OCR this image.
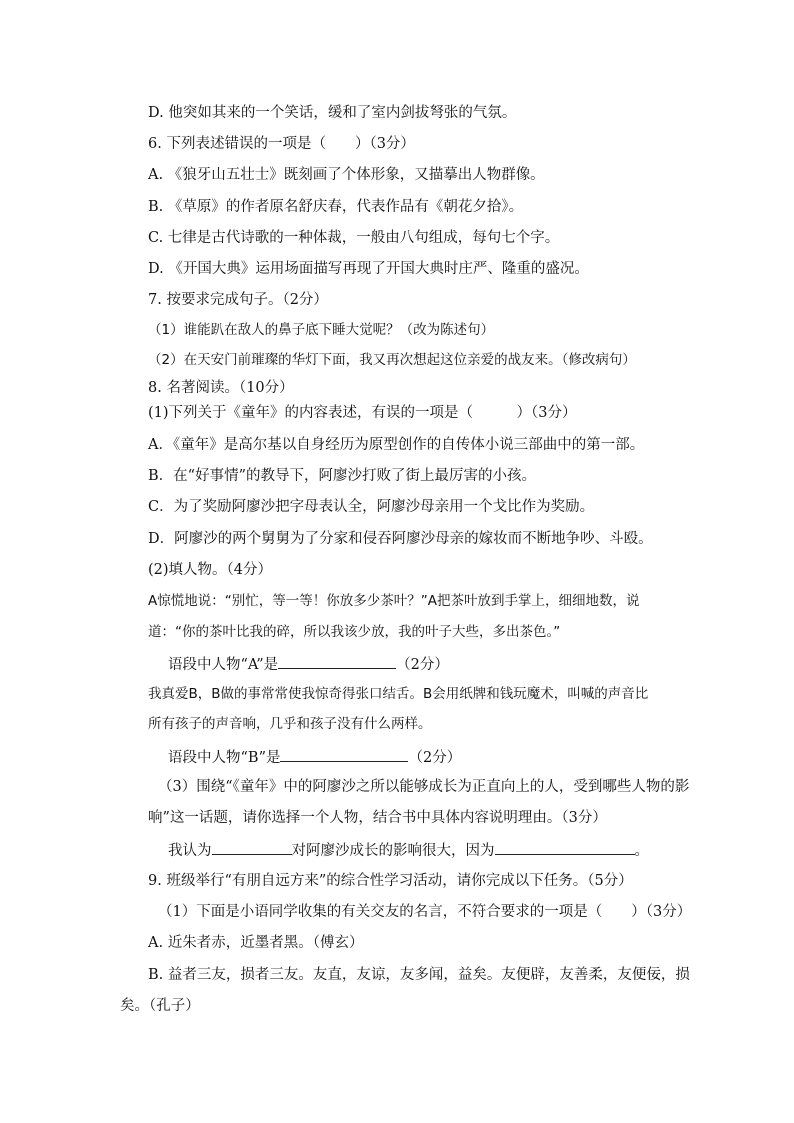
D. 他突如其来的一个笑话，缓和了室内剑拔弩张的气氛。
6. 下列表述错误的一项是（　　）（3分）
A. 《狼牙山五壮士》既刻画了个体形象，又描摹出人物群像。
B. 《草原》的作者原名舒庆春，代表作品有《朝花夕拾》。
C. 七律是古代诗歌的一种体裁，一般由八句组成，每句七个字。
D. 《开国大典》运用场面描写再现了开国大典时庄严、隆重的盛况。
7. 按要求完成句子。（2分）
（1）谁能趴在敌人的鼻子底下睡大觉呢？（改为陈述句）
（2）在天安门前璀璨的华灯下面，我又再次想起这位亲爱的战友来。（修改病句）
8. 名著阅读。（10分）
(1)下列关于《童年》的内容表述，有误的一项是（　　　）（3分）
A．《童年》是高尔基以自身经历为原型创作的自传体小说三部曲中的第一部。
B．在“好事情”的教导下，阿廖沙打败了街上最厉害的小孩。
C．为了奖励阿廖沙把字母表认全，阿廖沙母亲用一个戈比作为奖励。
D．阿廖沙的两个舅舅为了分家和侵吞阿廖沙母亲的嫁妆而不断地争吵、斗殴。
(2)填人物。（4分）
A惊慌地说：“别忙，等一等！你放多少茶叶？”A把茶叶放到手掌上，细细地数，说
道：“你的茶叶比我的碎，所以我该少放，我的叶子大些，多出茶色。”
语段中人物“A”是	（2分）
我真爱B，B做的事常常使我惊奇得张口结舌。B会用纸牌和钱玩魔术，叫喊的声音比
所有孩子的声音响，几乎和孩子没有什么两样。
语段中人物“B”是	（2分）
（3）围绕“《童年》中的阿廖沙之所以能够成长为正直向上的人，受到哪些人物的影
响”这一话题，请你选择一个人物，结合书中具体内容说明理由。（3分）
我认为	对阿廖沙成长的影响很大，因为	。
9. 班级举行“有朋自远方来”的综合性学习活动，请你完成以下任务。（5分）
（1）下面是小语同学收集的有关交友的名言，不符合要求的一项是（　　）（3分）
A. 近朱者赤，近墨者黑。（傅玄）
B. 益者三友，损者三友。友直，友谅，友多闻，益矣。友便辟，友善柔，友便佞，损
矣。（孔子）
